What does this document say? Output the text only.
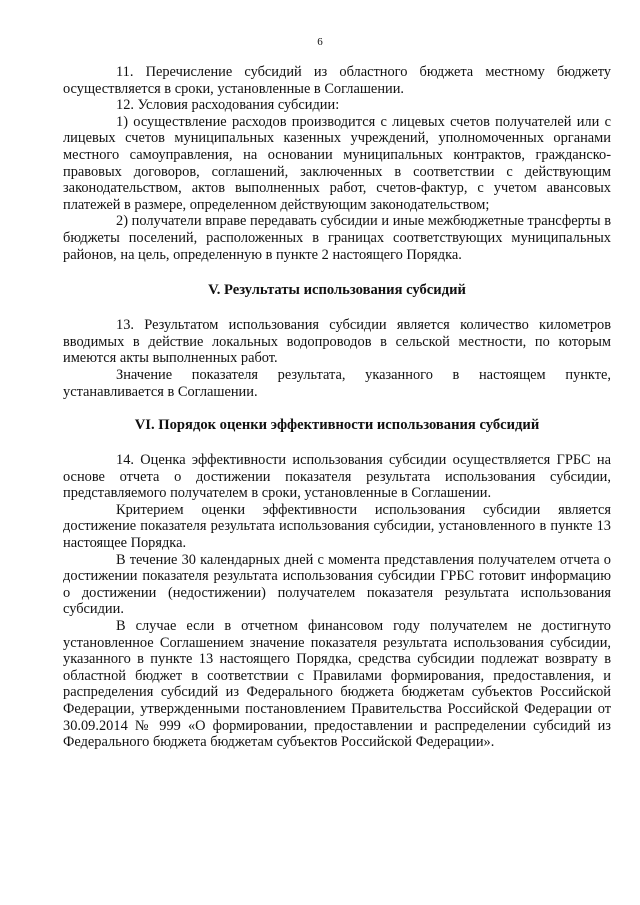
6

11. Перечисление субсидий из областного бюджета местному бюджету осуществляется в сроки, установленные в Соглашении.

12. Условия расходования субсидии:

1) осуществление расходов производится с лицевых счетов получателей или с лицевых счетов муниципальных казенных учреждений, уполномоченных органами местного самоуправления, на основании муниципальных контрактов, гражданско-правовых договоров, соглашений, заключенных в соответствии с действующим законодательством, актов выполненных работ, счетов-фактур, с учетом авансовых платежей в размере, определенном действующим законодательством;

2) получатели вправе передавать субсидии и иные межбюджетные трансферты в бюджеты поселений, расположенных в границах соответствующих муниципальных районов, на цель, определенную в пункте 2 настоящего Порядка.

V. Результаты использования субсидий

13. Результатом использования субсидии является количество километров вводимых в действие локальных водопроводов в сельской местности, по которым имеются акты выполненных работ.

Значение показателя результата, указанного в настоящем пункте, устанавливается в Соглашении.

VI. Порядок оценки эффективности использования субсидий

14. Оценка эффективности использования субсидии осуществляется ГРБС на основе отчета о достижении показателя результата использования субсидии, представляемого получателем в сроки, установленные в Соглашении.

Критерием оценки эффективности использования субсидии является достижение показателя результата использования субсидии, установленного в пункте 13 настоящее Порядка.

В течение 30 календарных дней с момента представления получателем отчета о достижении показателя результата использования субсидии ГРБС готовит информацию о достижении (недостижении) получателем показателя результата использования субсидии.

В случае если в отчетном финансовом году получателем не достигнуто установленное Соглашением значение показателя результата использования субсидии, указанного в пункте 13 настоящего Порядка, средства субсидии подлежат возврату в областной бюджет в соответствии с Правилами формирования, предоставления, и распределения субсидий из Федерального бюджета бюджетам субъектов Российской Федерации, утвержденными постановлением Правительства Российской Федерации от 30.09.2014 № 999 «О формировании, предоставлении и распределении субсидий из Федерального бюджета бюджетам субъектов Российской Федерации».
